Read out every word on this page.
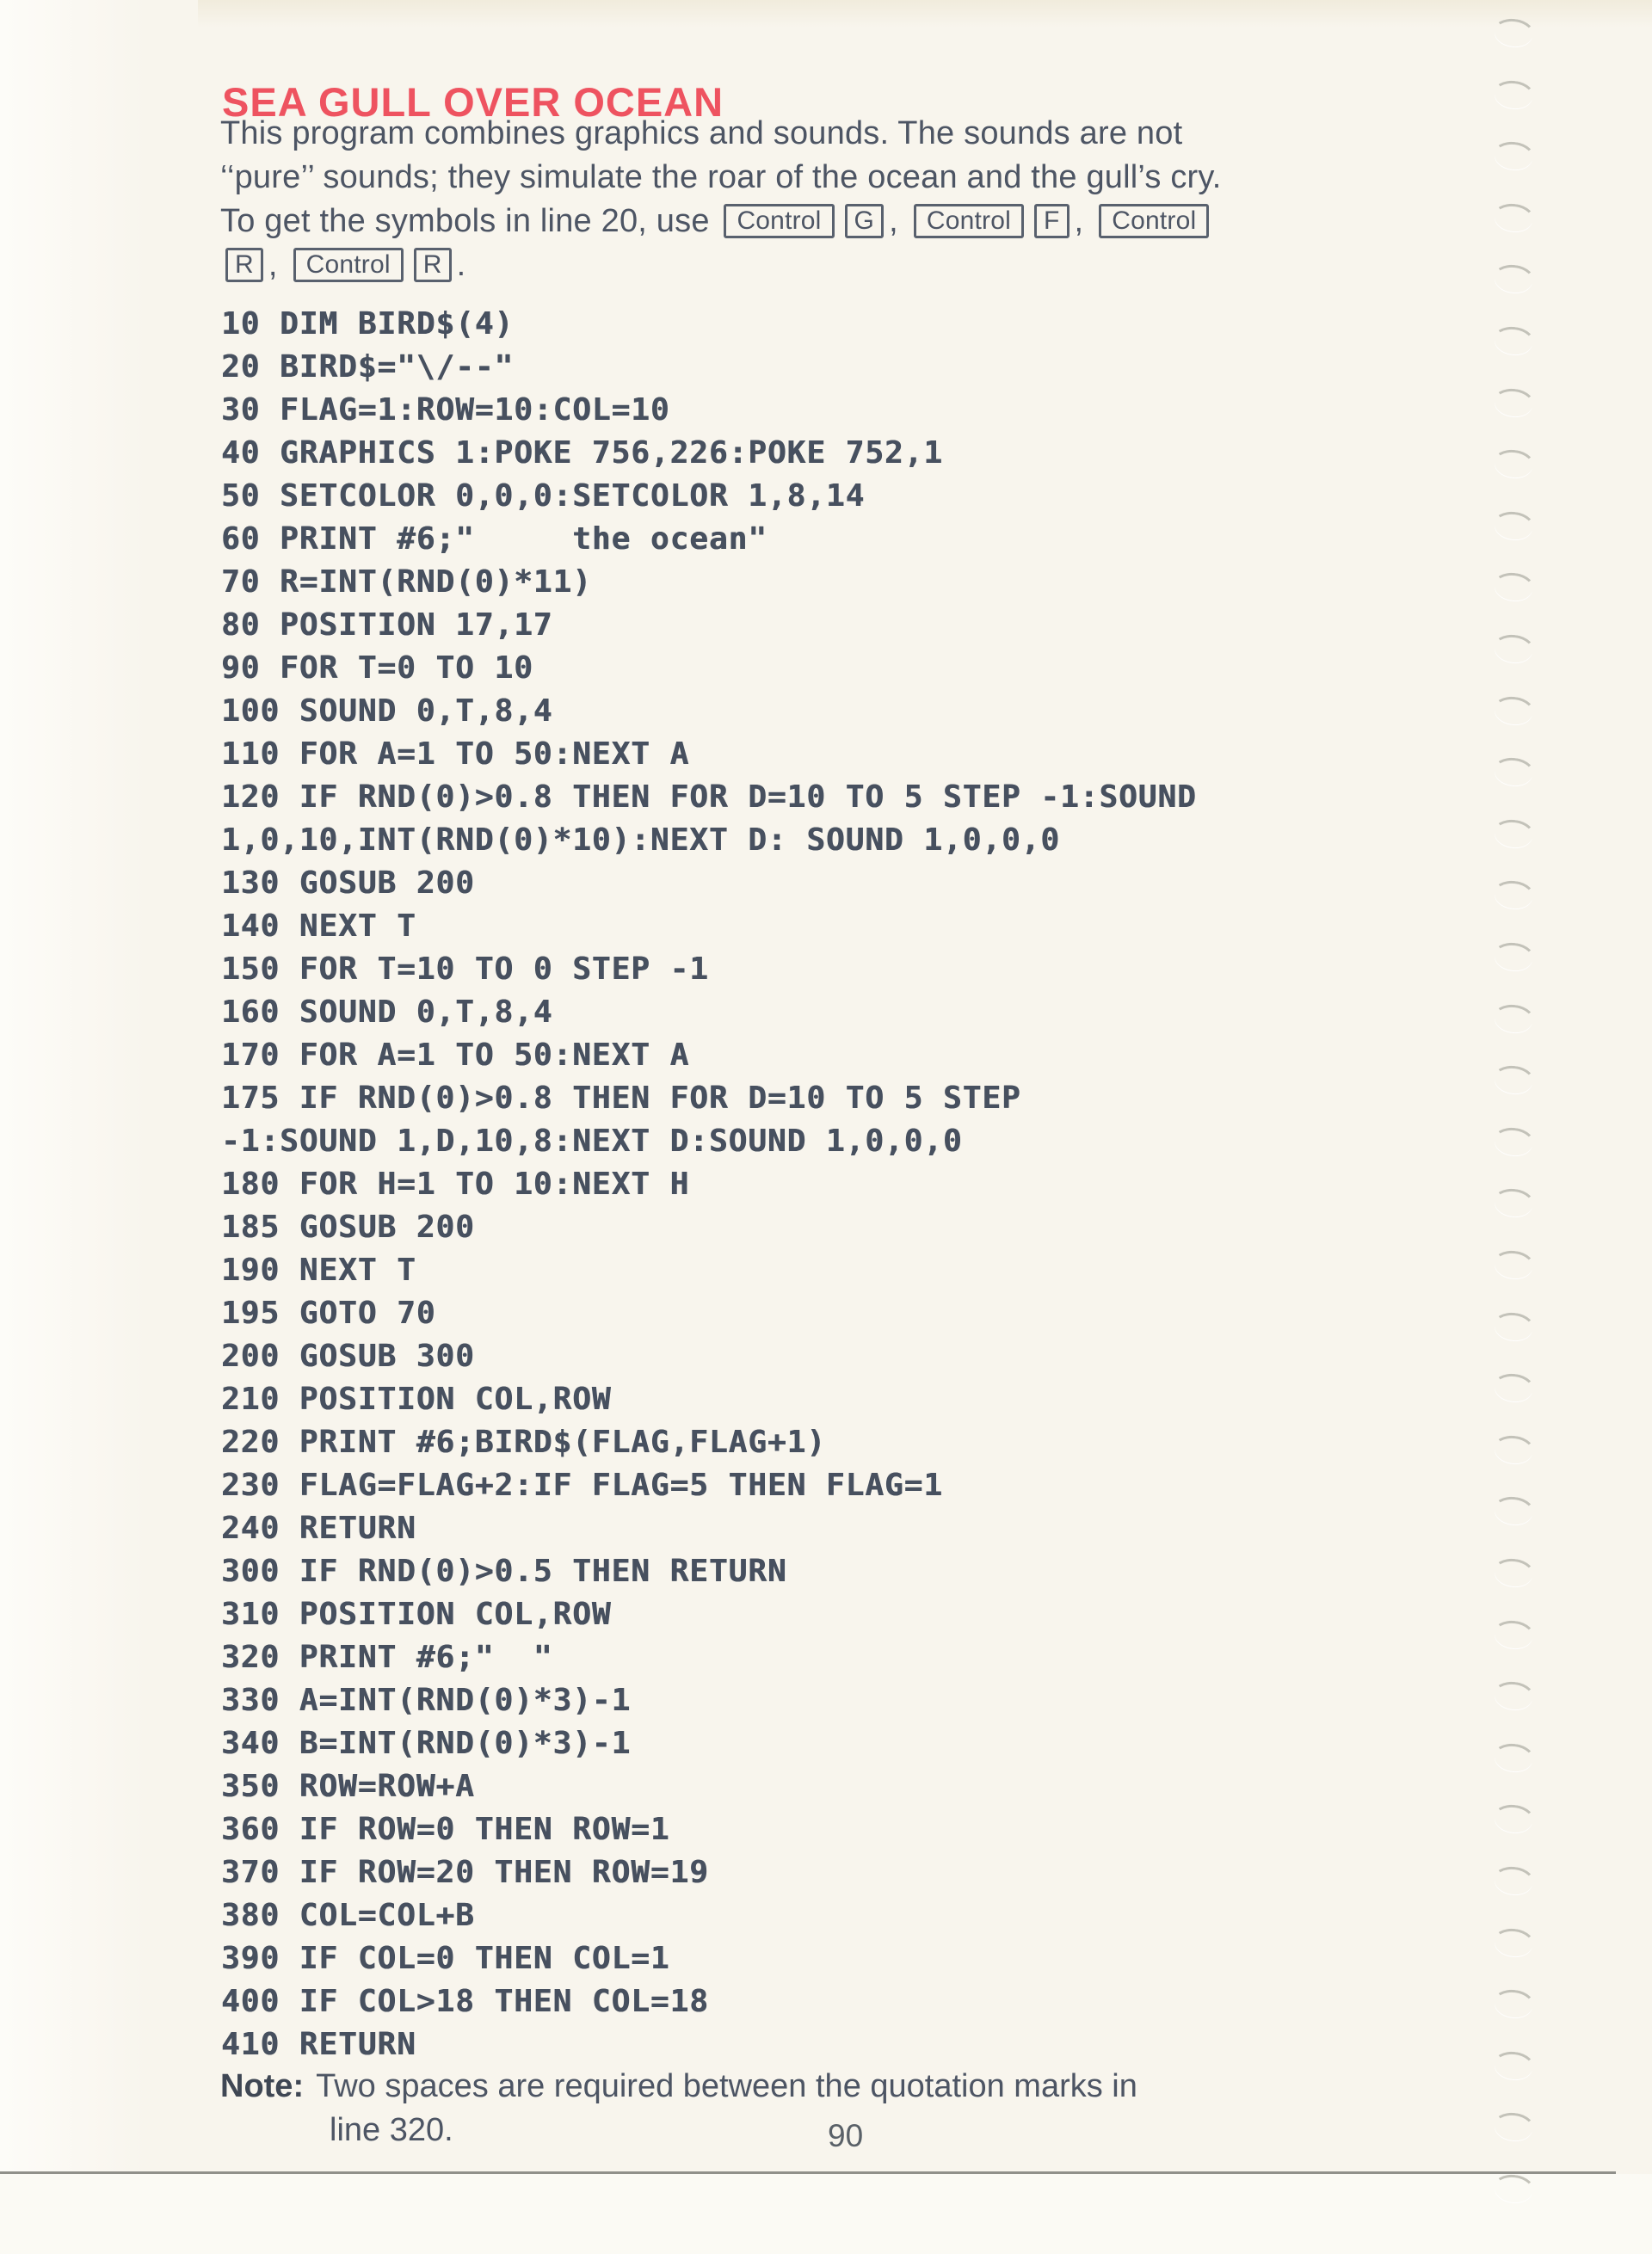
SEA GULL OVER OCEAN

This program combines graphics and sounds. The sounds are not

‘‘pure’’ sounds; they simulate the roar of the ocean and the gull’s cry.

To get the symbols in line 20, use Control G , Control F , Control

R , Control R .

10 DIM BIRD$(4)
20 BIRD$="\/--"
30 FLAG=1:ROW=10:COL=10
40 GRAPHICS 1:POKE 756,226:POKE 752,1
50 SETCOLOR 0,0,0:SETCOLOR 1,8,14
60 PRINT #6;"     the ocean"
70 R=INT(RND(0)*11)
80 POSITION 17,17
90 FOR T=0 TO 10
100 SOUND 0,T,8,4
110 FOR A=1 TO 50:NEXT A
120 IF RND(0)>0.8 THEN FOR D=10 TO 5 STEP -1:SOUND
1,0,10,INT(RND(0)*10):NEXT D: SOUND 1,0,0,0
130 GOSUB 200
140 NEXT T
150 FOR T=10 TO 0 STEP -1
160 SOUND 0,T,8,4
170 FOR A=1 TO 50:NEXT A
175 IF RND(0)>0.8 THEN FOR D=10 TO 5 STEP
-1:SOUND 1,D,10,8:NEXT D:SOUND 1,0,0,0
180 FOR H=1 TO 10:NEXT H
185 GOSUB 200
190 NEXT T
195 GOTO 70
200 GOSUB 300
210 POSITION COL,ROW
220 PRINT #6;BIRD$(FLAG,FLAG+1)
230 FLAG=FLAG+2:IF FLAG=5 THEN FLAG=1
240 RETURN
300 IF RND(0)>0.5 THEN RETURN
310 POSITION COL,ROW
320 PRINT #6;"  "
330 A=INT(RND(0)*3)-1
340 B=INT(RND(0)*3)-1
350 ROW=ROW+A
360 IF ROW=0 THEN ROW=1
370 IF ROW=20 THEN ROW=19
380 COL=COL+B
390 IF COL=0 THEN COL=1
400 IF COL>18 THEN COL=18
410 RETURN
Note: Two spaces are required between the quotation marks in
line 320.	90
